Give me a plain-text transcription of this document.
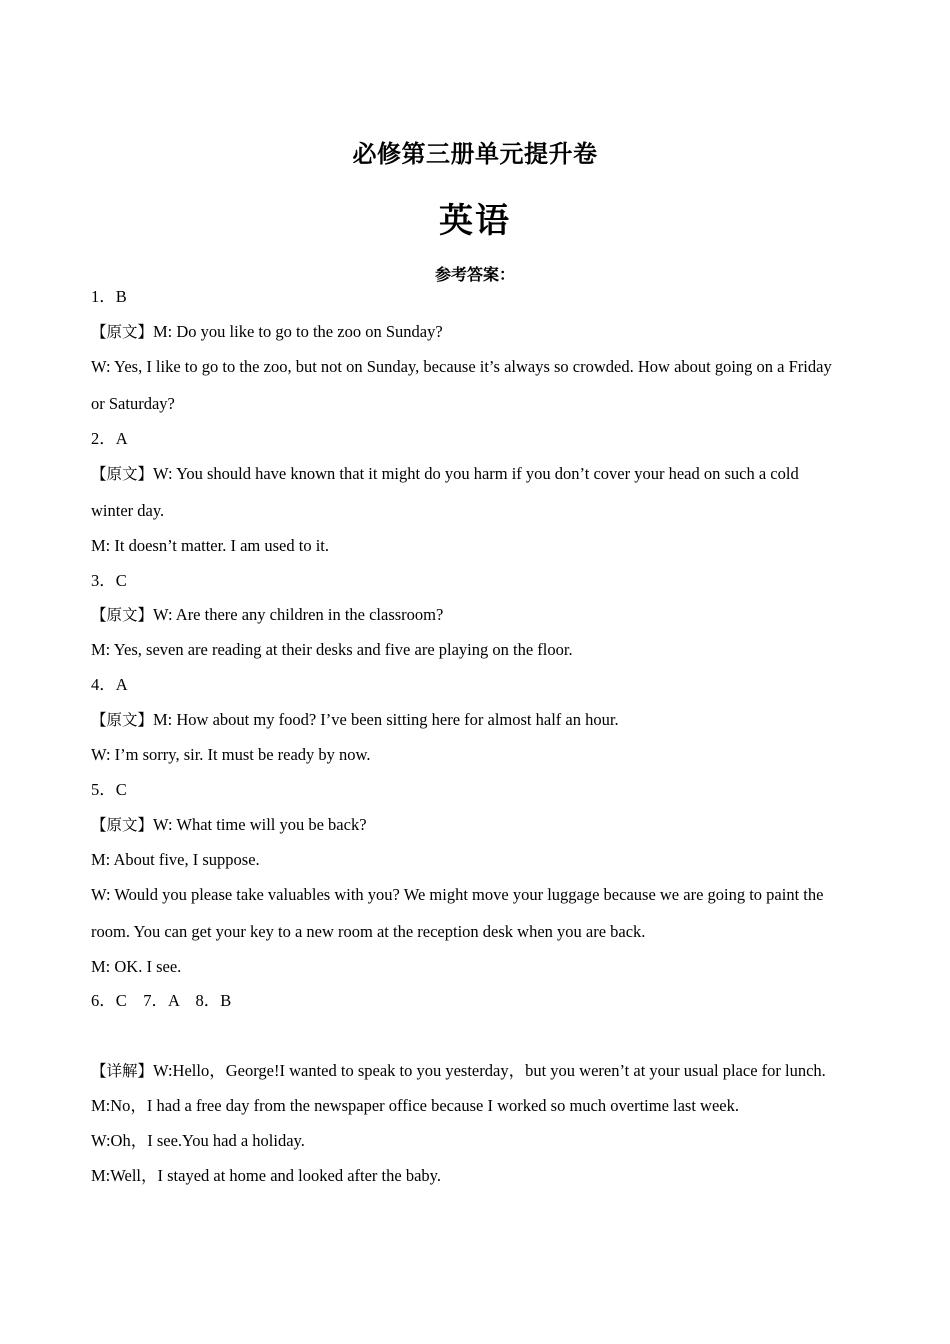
必修第三册单元提升卷
英语
参考答案：
1．B
【原文】M: Do you like to go to the zoo on Sunday?
W: Yes, I like to go to the zoo, but not on Sunday, because it’s always so crowded. How about going on a Friday
or Saturday?
2．A
【原文】W: You should have known that it might do you harm if you don’t cover your head on such a cold
winter day.
M: It doesn’t matter. I am used to it.
3．C
【原文】W: Are there any children in the classroom?
M: Yes, seven are reading at their desks and five are playing on the floor.
4．A
【原文】M: How about my food? I’ve been sitting here for almost half an hour.
W: I’m sorry, sir. It must be ready by now.
5．C
【原文】W: What time will you be back?
M: About five, I suppose.
W: Would you please take valuables with you? We might move your luggage because we are going to paint the
room. You can get your key to a new room at the reception desk when you are back.
M: OK. I see.
6．C　7．A　8．B
【详解】W:Hello，George!I wanted to speak to you yesterday，but you weren’t at your usual place for lunch.
M:No，I had a free day from the newspaper office because I worked so much overtime last week.
W:Oh，I see.You had a holiday.
M:Well，I stayed at home and looked after the baby.
